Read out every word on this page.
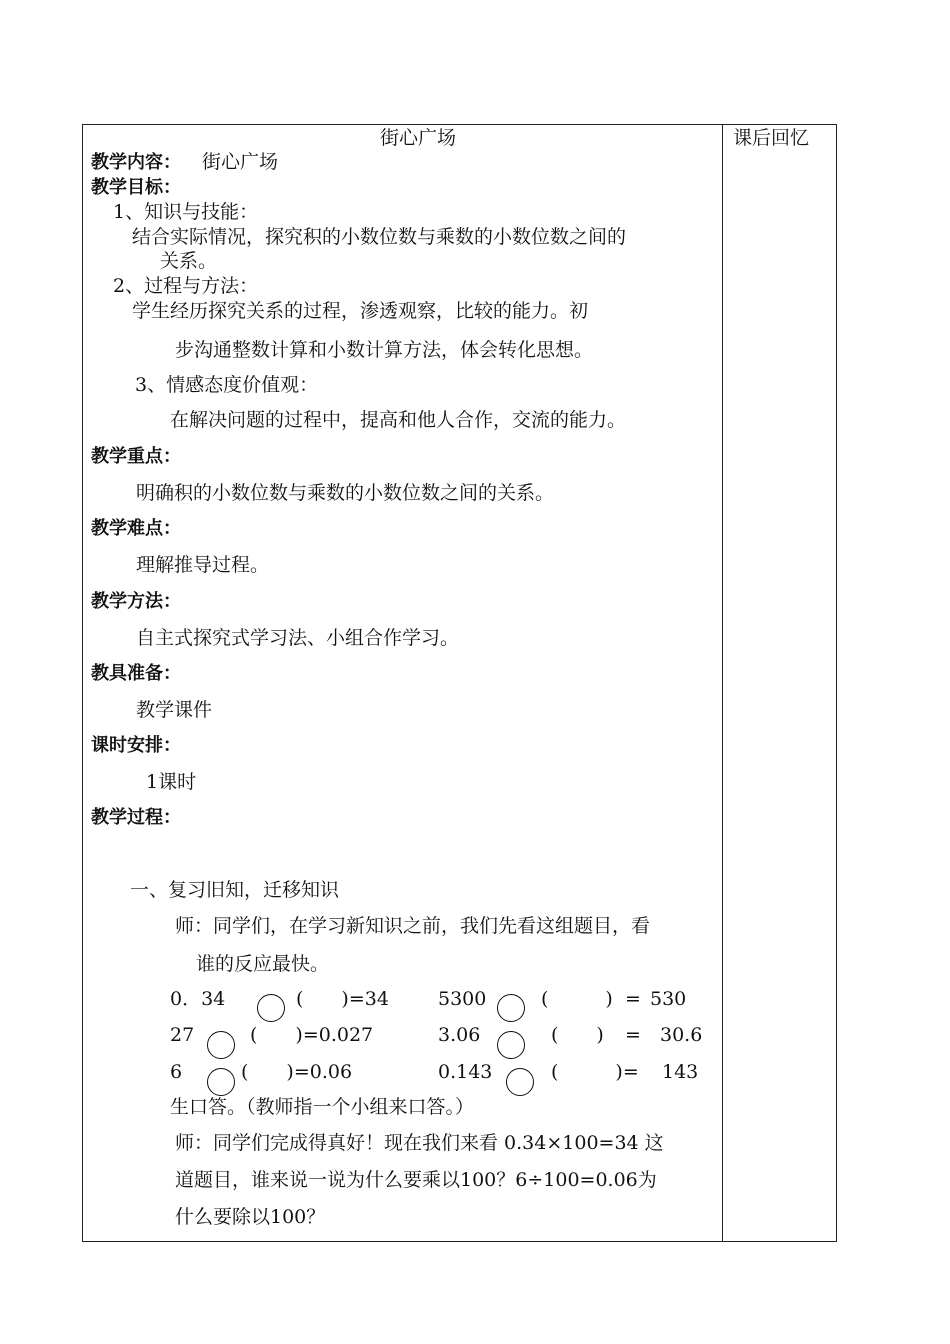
街心广场	课后回忆
教学内容： 街心广场
教学目标：
1、知识与技能：
结合实际情况，探究积的小数位数与乘数的小数位数之间的
关系。
2、过程与方法：
学生经历探究关系的过程，渗透观察，比较的能力。初
步沟通整数计算和小数计算方法，体会转化思想。
3、情感态度价值观：
在解决问题的过程中，提高和他人合作，交流的能力。
教学重点：
明确积的小数位数与乘数的小数位数之间的关系。
教学难点：
理解推导过程。
教学方法：
自主式探究式学习法、小组合作学习。
教具准备：
教学课件
课时安排：
1课时
教学过程：
一、复习旧知，迁移知识
师：同学们，在学习新知识之前，我们先看这组题目，看
谁的反应最快。
0．34	(　　)=34	5300	(　　　) = 530
27	(　　)=0.027	3.06	(　　) = 30.6
6	(　　)=0.06	0.143	(　　　)= 143
生口答。（教师指一个小组来口答。）
师：同学们完成得真好！现在我们来看 0.34×100=34 这
道题目，谁来说一说为什么要乘以100？6÷100=0.06为
什么要除以100？
